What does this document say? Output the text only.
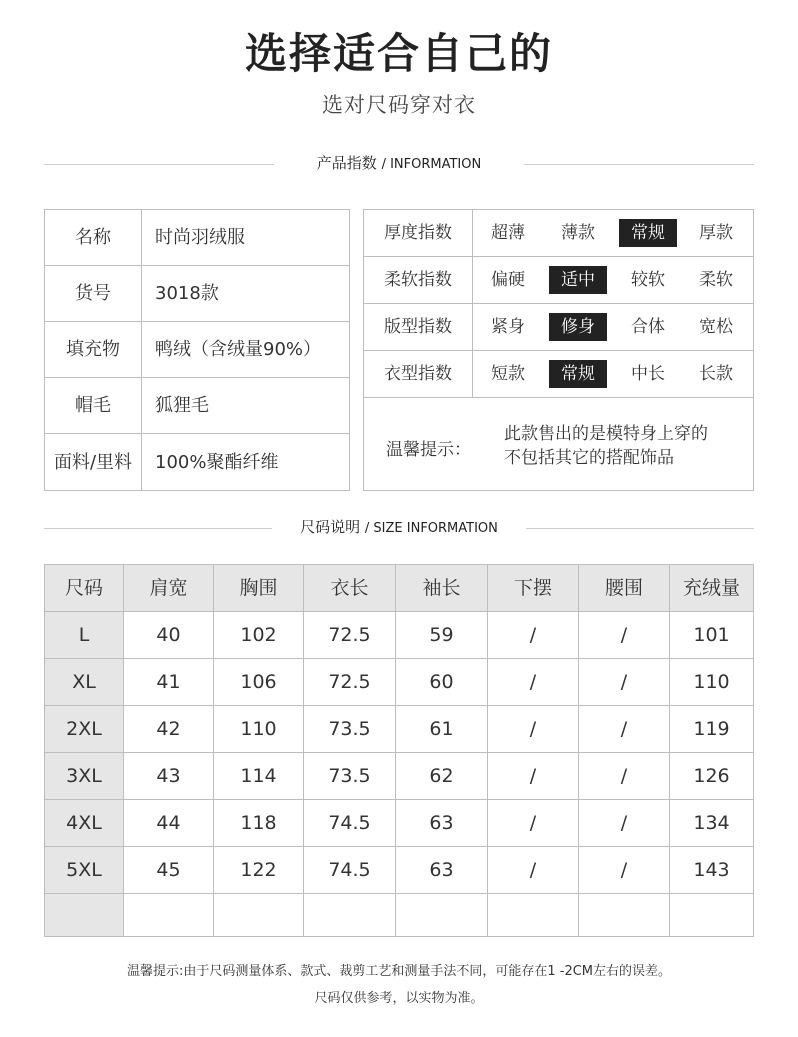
选择适合自己的
选对尺码穿对衣
产品指数 / INFORMATION
名称	时尚羽绒服
货号	3018款
填充物	鸭绒（含绒量90%）
帽毛	狐狸毛
面料/里料	100%聚酯纤维
厚度指数	超薄	薄款	常规	厚款
柔软指数	偏硬	适中	较软	柔软
版型指数	紧身	修身	合体	宽松
衣型指数	短款	常规	中长	长款
温馨提示：
此款售出的是模特身上穿的
不包括其它的搭配饰品
尺码说明 / SIZE INFORMATION
尺码	肩宽	胸围	衣长	袖长	下摆	腰围	充绒量
L	40	102	72.5	59	/	/	101
XL	41	106	72.5	60	/	/	110
2XL	42	110	73.5	61	/	/	119
3XL	43	114	73.5	62	/	/	126
4XL	44	118	74.5	63	/	/	134
5XL	45	122	74.5	63	/	/	143
温馨提示:由于尺码测量体系、款式、裁剪工艺和测量手法不同，可能存在1 -2CM左右的误差。
尺码仅供参考，以实物为准。
